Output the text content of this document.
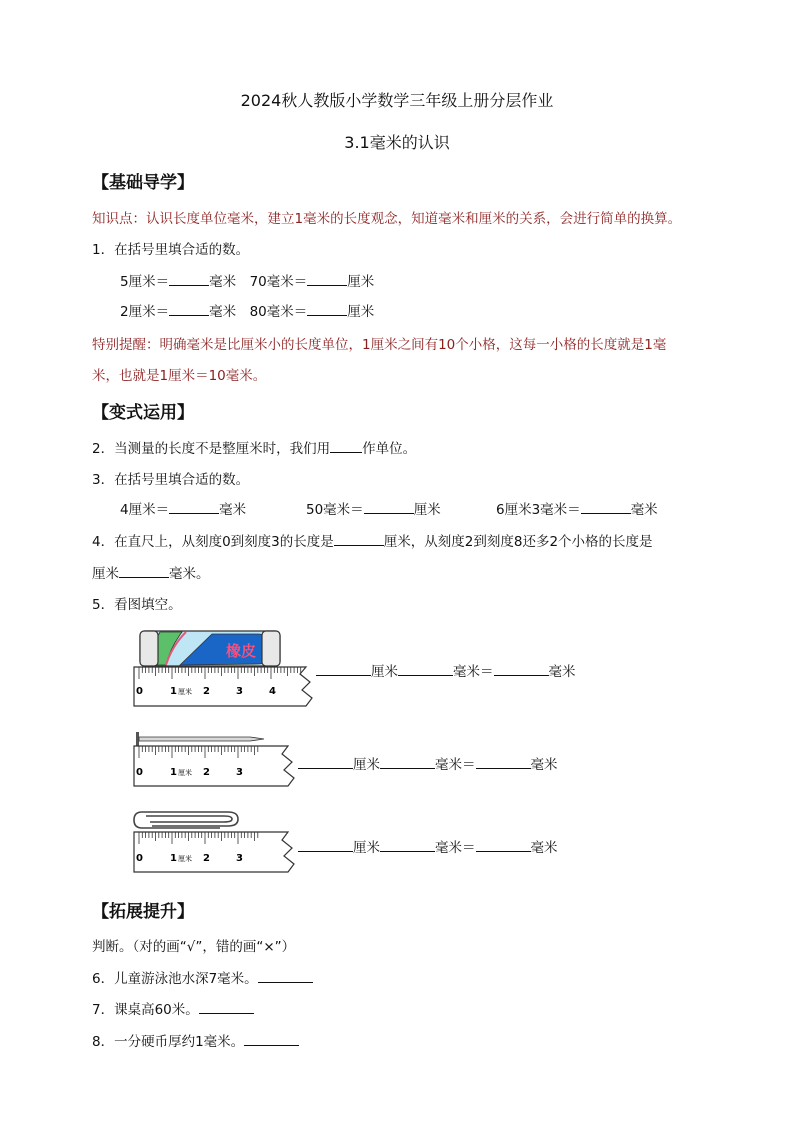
2024秋人教版小学数学三年级上册分层作业
3.1毫米的认识
【基础导学】
知识点：认识长度单位毫米，建立1毫米的长度观念，知道毫米和厘米的关系，会进行简单的换算。
1．在括号里填合适的数。
5厘米＝	毫米　70毫米＝	厘米
2厘米＝	毫米　80毫米＝	厘米
特别提醒：明确毫米是比厘米小的长度单位，1厘米之间有10个小格，这每一小格的长度就是1毫
米，也就是1厘米＝10毫米。
【变式运用】
2．当测量的长度不是整厘米时，我们用 作单位。
3．在括号里填合适的数。
4厘米＝	毫米	50毫米＝	厘米	6厘米3毫米＝	毫米
4．在直尺上，从刻度0到刻度3的长度是	厘米，从刻度2到刻度8还多2个小格的长度是
厘米	毫米。
5．看图填空。
橡皮
0	1 厘米 2	3	4
厘米	毫米＝	毫米
0	1 厘米 2	3	厘米	毫米＝	毫米
0	1 厘米 2	3
厘米	毫米＝	毫米
【拓展提升】
判断。（对的画“√”，错的画“×”）
6．儿童游泳池水深7毫米。
7．课桌高60米。
8．一分硬币厚约1毫米。
